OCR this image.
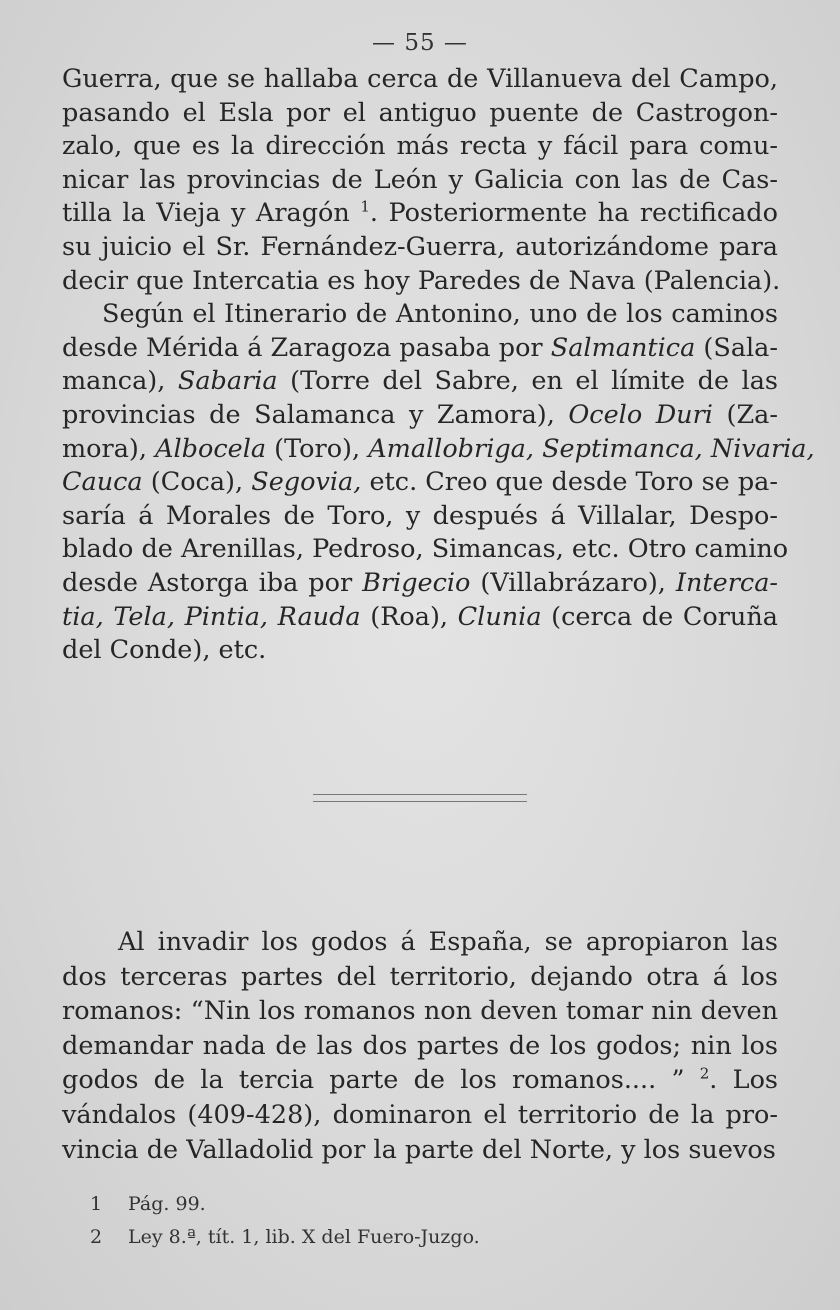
— 55 —
Guerra, que se hallaba cerca de Villanueva del Campo,
pasando el Esla por el antiguo puente de Castrogon-
zalo, que es la dirección más recta y fácil para comu-
nicar las provincias de León y Galicia con las de Cas-
tilla la Vieja y Aragón $^1$. Posteriormente ha rectificado
su juicio el Sr. Fernández-Guerra, autorizándome para
decir que Intercatia es hoy Paredes de Nava (Palencia).
Según el Itinerario de Antonino, uno de los caminos
desde Mérida á Zaragoza pasaba por Salmantica (Sala-
manca), Sabaria (Torre del Sabre, en el límite de las
provincias de Salamanca y Zamora), Ocelo Duri (Za-
mora), Albocela (Toro), Amallobriga, Septimanca, Nivaria,
Cauca (Coca), Segovia, etc. Creo que desde Toro se pa-
saría á Morales de Toro, y después á Villalar, Despo-
blado de Arenillas, Pedroso, Simancas, etc. Otro camino
desde Astorga iba por Brigecio (Villabrázaro), Interca-
tia, Tela, Pintia, Rauda (Roa), Clunia (cerca de Coruña
del Conde), etc.
Al invadir los godos á España, se apropiaron las
dos terceras partes del territorio, dejando otra á los
romanos: “Nin los romanos non deven tomar nin deven
demandar nada de las dos partes de los godos; nin los
godos de la tercia parte de los romanos.... ” $^2$. Los
vándalos (409-428), dominaron el territorio de la pro-
vincia de Valladolid por la parte del Norte, y los suevos
1 Pág. 99.
2 Ley 8.ª, tít. 1, lib. X del Fuero-Juzgo.
